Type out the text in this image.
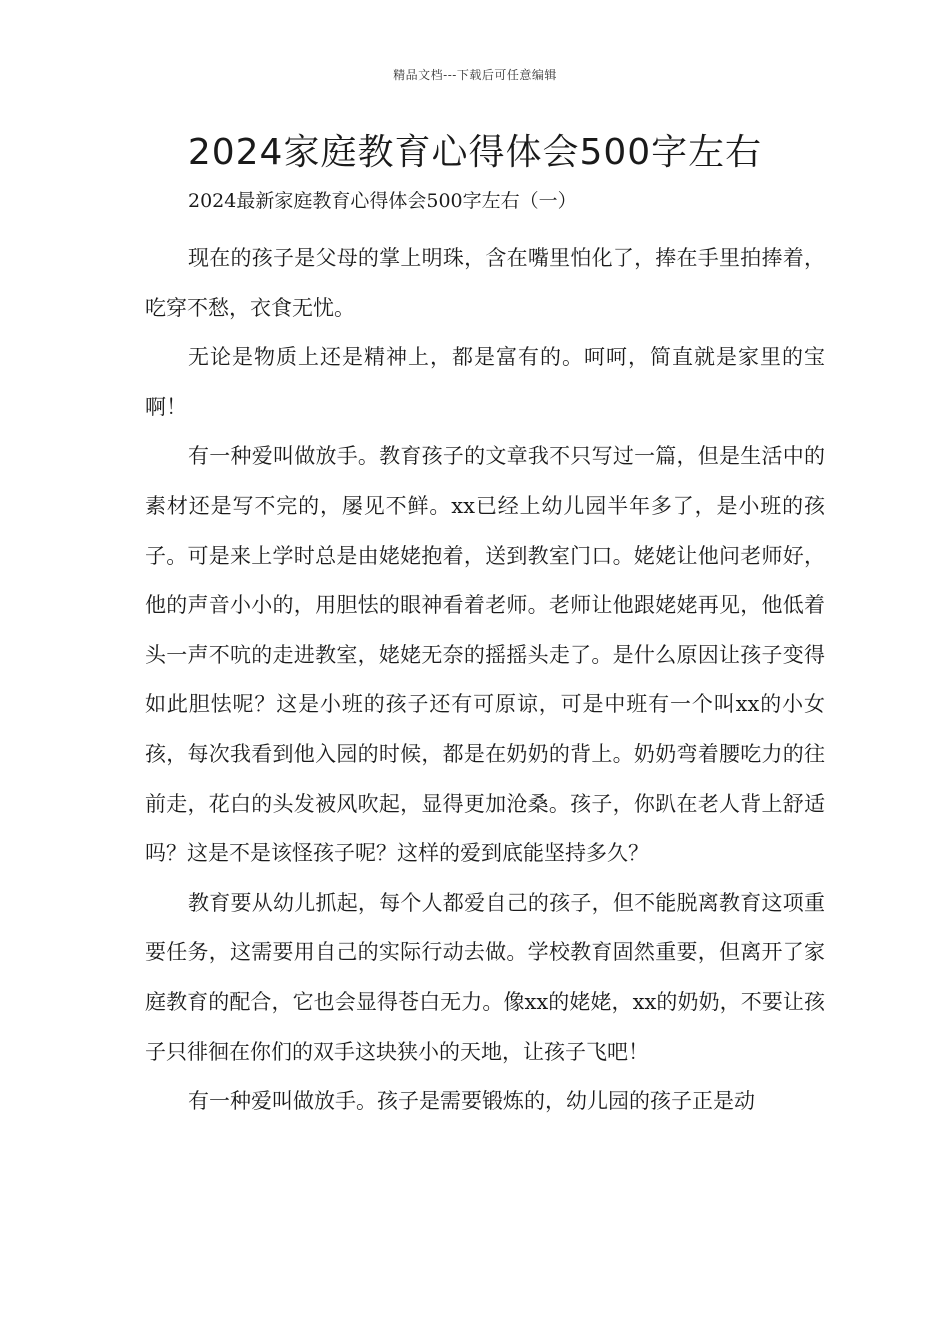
精品文档---下载后可任意编辑
2024家庭教育心得体会500字左右

2024最新家庭教育心得体会500字左右（一）

现在的孩子是父母的掌上明珠，含在嘴里怕化了，捧在手里拍捧着，吃穿不愁，衣食无忧。

无论是物质上还是精神上，都是富有的。呵呵，简直就是家里的宝啊！

有一种爱叫做放手。教育孩子的文章我不只写过一篇，但是生活中的素材还是写不完的，屡见不鲜。xx已经上幼儿园半年多了，是小班的孩子。可是来上学时总是由姥姥抱着，送到教室门口。姥姥让他问老师好，他的声音小小的，用胆怯的眼神看着老师。老师让他跟姥姥再见，他低着头一声不吭的走进教室，姥姥无奈的摇摇头走了。是什么原因让孩子变得如此胆怯呢？这是小班的孩子还有可原谅，可是中班有一个叫xx的小女孩，每次我看到他入园的时候，都是在奶奶的背上。奶奶弯着腰吃力的往前走，花白的头发被风吹起，显得更加沧桑。孩子，你趴在老人背上舒适吗？这是不是该怪孩子呢？这样的爱到底能坚持多久？

教育要从幼儿抓起，每个人都爱自己的孩子，但不能脱离教育这项重要任务，这需要用自己的实际行动去做。学校教育固然重要，但离开了家庭教育的配合，它也会显得苍白无力。像xx的姥姥，xx的奶奶，不要让孩子只徘徊在你们的双手这块狭小的天地，让孩子飞吧！

有一种爱叫做放手。孩子是需要锻炼的，幼儿园的孩子正是动
